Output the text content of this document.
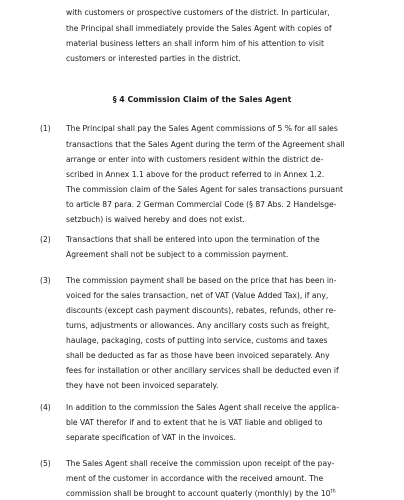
with customers or prospective customers of the district. In particular,
the Principal shall immediately provide the Sales Agent with copies of
material business letters an shall inform him of his attention to visit
customers or interested parties in the district.
§ 4 Commission Claim of the Sales Agent
(1) The Principal shall pay the Sales Agent commissions of 5 % for all sales
transactions that the Sales Agent during the term of the Agreement shall
arrange or enter into with customers resident within the district de-
scribed in Annex 1.1 above for the product referred to in Annex 1.2.
The commission claim of the Sales Agent for sales transactions pursuant
to article 87 para. 2 German Commercial Code (§ 87 Abs. 2 Handelsge-
setzbuch) is waived hereby and does not exist.
(2) Transactions that shall be entered into upon the termination of the
Agreement shall not be subject to a commission payment.
(3) The commission payment shall be based on the price that has been in-
voiced for the sales transaction, net of VAT (Value Added Tax), if any,
discounts (except cash payment discounts), rebates, refunds, other re-
turns, adjustments or allowances. Any ancillary costs such as freight,
haulage, packaging, costs of putting into service, customs and taxes
shall be deducted as far as those have been invoiced separately. Any
fees for installation or other ancillary services shall be deducted even if
they have not been invoiced separately.
(4) In addition to the commission the Sales Agent shall receive the applica-
ble VAT therefor if and to extent that he is VAT liable and obliged to
separate specification of VAT in the invoices.
(5) The Sales Agent shall receive the commission upon receipt of the pay-
ment of the customer in accordance with the received amount. The
commission shall be brought to account quaterly (monthly) by the 10th
